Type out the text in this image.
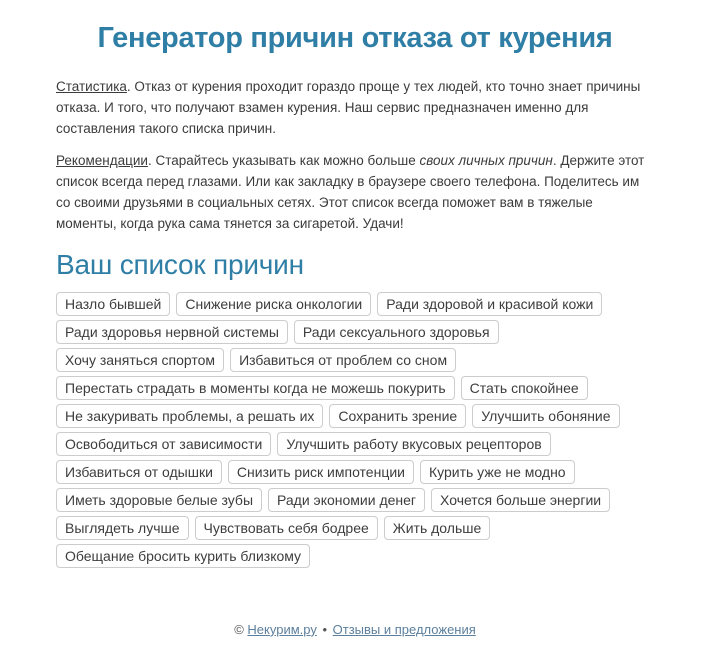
Генератор причин отказа от курения

Статистика. Отказ от курения проходит гораздо проще у тех людей, кто точно знает причины отказа. И того, что получают взамен курения. Наш сервис предназначен именно для составления такого списка причин.

Рекомендации. Старайтесь указывать как можно больше своих личных причин. Держите этот список всегда перед глазами. Или как закладку в браузере своего телефона. Поделитесь им со своими друзьями в социальных сетях. Этот список всегда поможет вам в тяжелые моменты, когда рука сама тянется за сигаретой. Удачи!

Ваш список причин
Назло бывшей	Снижение риска онкологии	Ради здоровой и красивой кожи
Ради здоровья нервной системы	Ради сексуального здоровья
Хочу заняться спортом	Избавиться от проблем со сном
Перестать страдать в моменты когда не можешь покурить	Стать спокойнее
Не закуривать проблемы, а решать их	Сохранить зрение	Улучшить обоняние
Освободиться от зависимости	Улучшить работу вкусовых рецепторов
Избавиться от одышки	Снизить риск импотенции	Курить уже не модно
Иметь здоровые белые зубы	Ради экономии денег	Хочется больше энергии
Выглядеть лучше	Чувствовать себя бодрее	Жить дольше
Обещание бросить курить близкому
© Некурим.ру • Отзывы и предложения
